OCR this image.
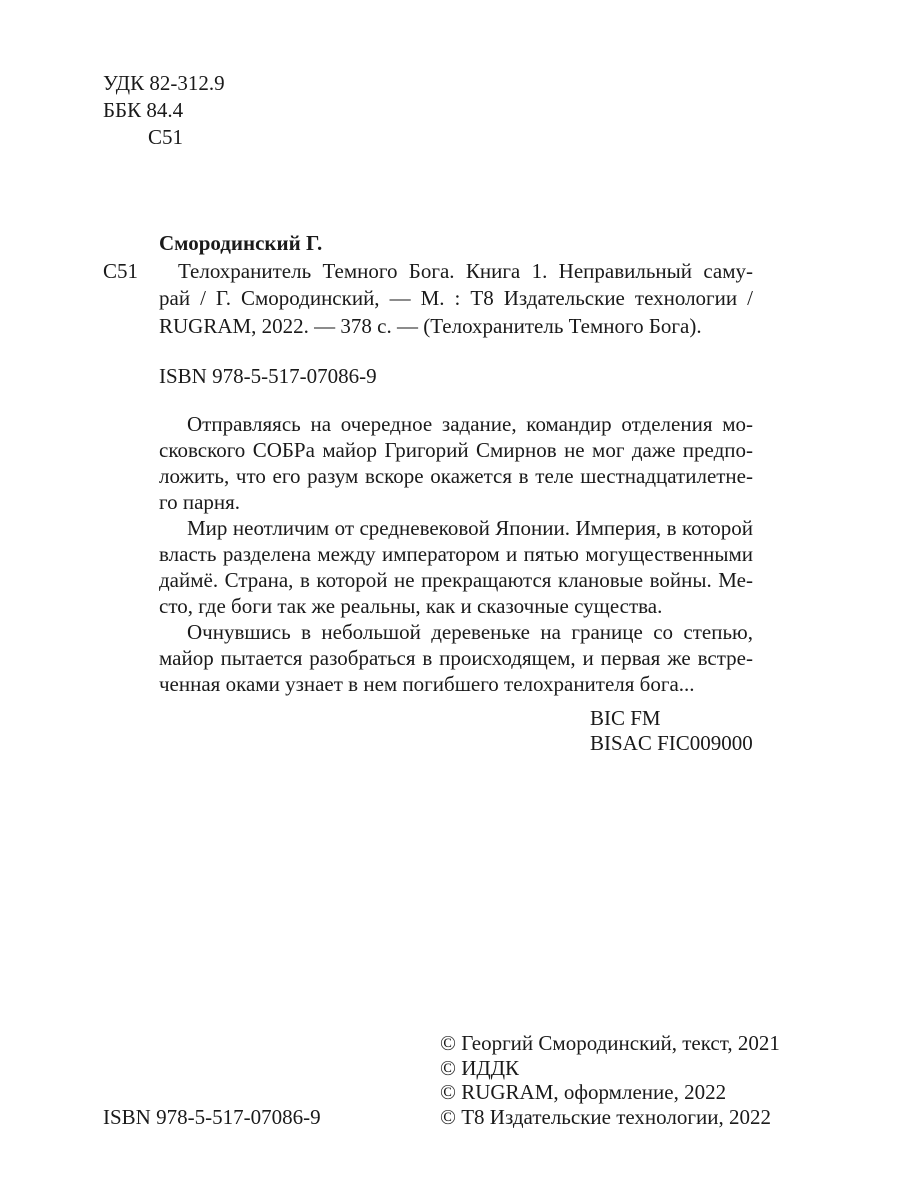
УДК 82-312.9
ББК 84.4
С51
Смородинский Г.
С51 Телохранитель Темного Бога. Книга 1. Неправильный саму-
рай / Г. Смородинский, — М. : Т8 Издательские технологии /
RUGRAM, 2022. — 378 с. — (Телохранитель Темного Бога).
ISBN 978-5-517-07086-9
Отправляясь на очередное задание, командир отделения мо-
сковского СОБРа майор Григорий Смирнов не мог даже предпо-
ложить, что его разум вскоре окажется в теле шестнадцатилетне-
го парня.
Мир неотличим от средневековой Японии. Империя, в которой
власть разделена между императором и пятью могущественными
даймё. Страна, в которой не прекращаются клановые войны. Ме-
сто, где боги так же реальны, как и сказочные существа.
Очнувшись в небольшой деревеньке на границе со степью,
майор пытается разобраться в происходящем, и первая же встре-
ченная оками узнает в нем погибшего телохранителя бога...
BIC FM
BISAC FIC009000
ISBN 978-5-517-07086-9
© Георгий Смородинский, текст, 2021
© ИДДК
© RUGRAM, оформление, 2022
© Т8 Издательские технологии, 2022
